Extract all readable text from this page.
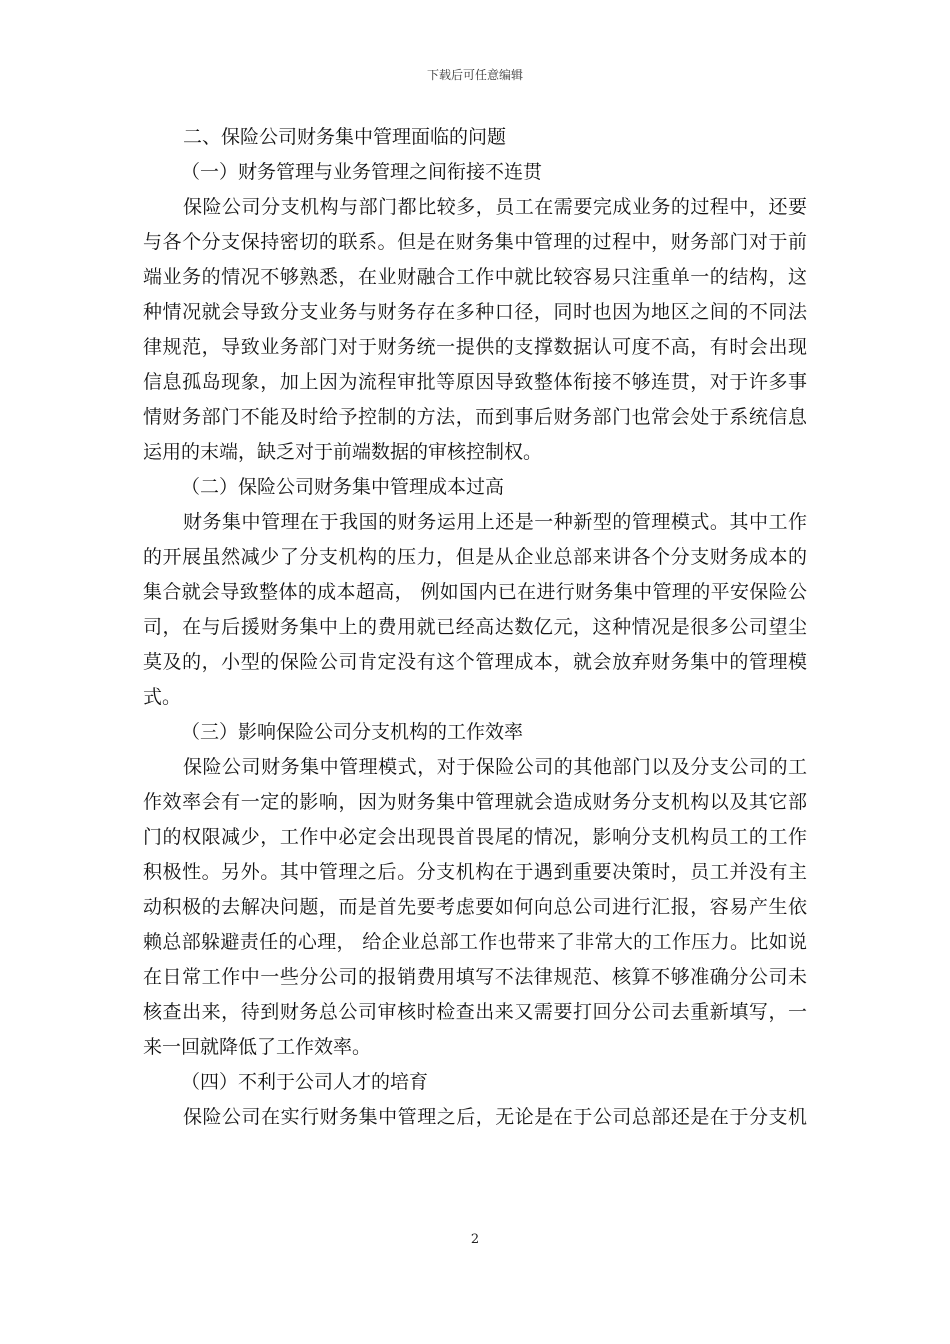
下载后可任意编辑
二、保险公司财务集中管理面临的问题
（一）财务管理与业务管理之间衔接不连贯
保险公司分支机构与部门都比较多，员工在需要完成业务的过程中，还要
与各个分支保持密切的联系。但是在财务集中管理的过程中，财务部门对于前
端业务的情况不够熟悉，在业财融合工作中就比较容易只注重单一的结构，这
种情况就会导致分支业务与财务存在多种口径，同时也因为地区之间的不同法
律规范，导致业务部门对于财务统一提供的支撑数据认可度不高，有时会出现
信息孤岛现象，加上因为流程审批等原因导致整体衔接不够连贯，对于许多事
情财务部门不能及时给予控制的方法，而到事后财务部门也常会处于系统信息
运用的末端，缺乏对于前端数据的审核控制权。
（二）保险公司财务集中管理成本过高
财务集中管理在于我国的财务运用上还是一种新型的管理模式。其中工作
的开展虽然减少了分支机构的压力，但是从企业总部来讲各个分支财务成本的
集合就会导致整体的成本超高， 例如国内已在进行财务集中管理的平安保险公
司，在与后援财务集中上的费用就已经高达数亿元，这种情况是很多公司望尘
莫及的，小型的保险公司肯定没有这个管理成本，就会放弃财务集中的管理模
式。
（三）影响保险公司分支机构的工作效率
保险公司财务集中管理模式，对于保险公司的其他部门以及分支公司的工
作效率会有一定的影响，因为财务集中管理就会造成财务分支机构以及其它部
门的权限减少，工作中必定会出现畏首畏尾的情况，影响分支机构员工的工作
积极性。另外。其中管理之后。分支机构在于遇到重要决策时，员工并没有主
动积极的去解决问题，而是首先要考虑要如何向总公司进行汇报，容易产生依
赖总部躲避责任的心理， 给企业总部工作也带来了非常大的工作压力。比如说
在日常工作中一些分公司的报销费用填写不法律规范、核算不够准确分公司未
核查出来，待到财务总公司审核时检查出来又需要打回分公司去重新填写，一
来一回就降低了工作效率。
（四）不利于公司人才的培育
保险公司在实行财务集中管理之后，无论是在于公司总部还是在于分支机
2
